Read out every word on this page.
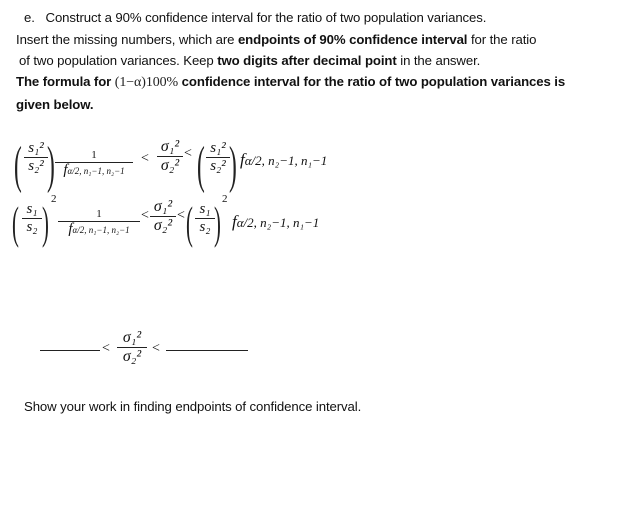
e. Construct a 90% confidence interval for the ratio of two population variances.
Insert the missing numbers, which are endpoints of 90% confidence interval for the ratio
of two population variances. Keep two digits after decimal point in the answer.
The formula for (1−α)100% confidence interval for the ratio of two population variances is
given below.
( s₁²
s₂² )	1
fα/2, n₁−1, n₂−1
<
σ₁²
σ₂²
< ( s₁²
s₂² ) fα/2, n₂−1, n₁−1
( s₁
s₂ ) 2
1
fα/2, n₁−1, n₂−1
<
σ₁²
σ₂²
< ( s₁
s₂ ) 2
fα/2, n₂−1, n₁−1
<
σ₁²
σ₂² <
Show your work in finding endpoints of confidence interval.
